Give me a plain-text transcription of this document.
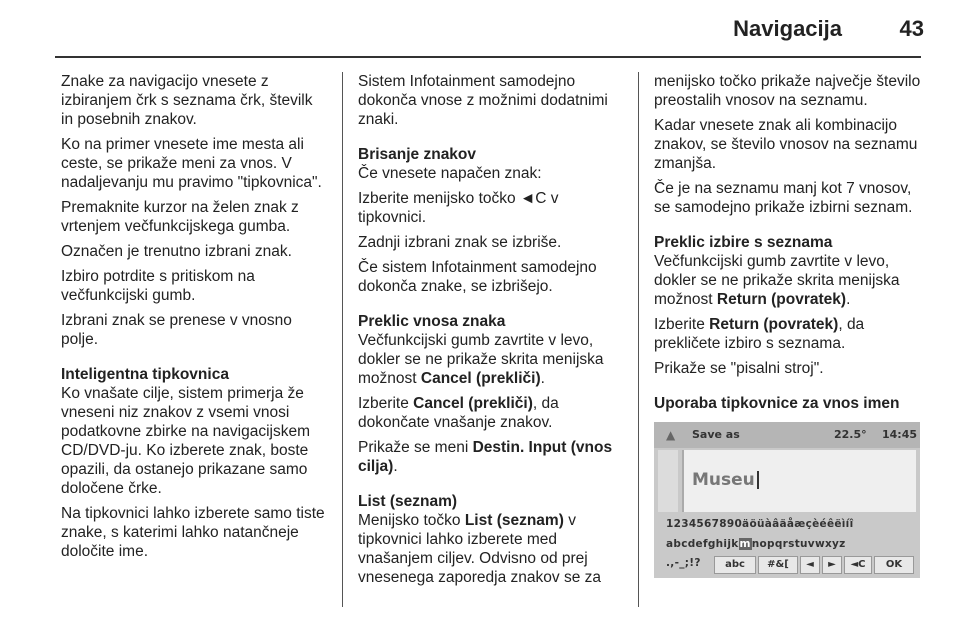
Navigacija	43

Znake za navigacijo vnesete z izbiranjem črk s seznama črk, številk in posebnih znakov.

Ko na primer vnesete ime mesta ali ceste, se prikaže meni za vnos. V nadaljevanju mu pravimo "tipkovnica".

Premaknite kurzor na želen znak z vrtenjem večfunkcijskega gumba.

Označen je trenutno izbrani znak.

Izbiro potrdite s pritiskom na večfunkcijski gumb.

Izbrani znak se prenese v vnosno polje.

Inteligentna tipkovnica

Ko vnašate cilje, sistem primerja že vneseni niz znakov z vsemi vnosi podatkovne zbirke na navigacijskem CD/DVD-ju. Ko izberete znak, boste opazili, da ostanejo prikazane samo določene črke.

Na tipkovnici lahko izberete samo tiste znake, s katerimi lahko natančneje določite ime.

Sistem Infotainment samodejno dokonča vnose z možnimi dodatnimi znaki.

Brisanje znakov

Če vnesete napačen znak:

Izberite menijsko točko ◄C v tipkovnici.

Zadnji izbrani znak se izbriše.

Če sistem Infotainment samodejno dokonča znake, se izbrišejo.

Preklic vnosa znaka

Večfunkcijski gumb zavrtite v levo, dokler se ne prikaže skrita menijska možnost Cancel (prekliči).

Izberite Cancel (prekliči), da dokončate vnašanje znakov.

Prikaže se meni Destin. Input (vnos cilja).

List (seznam)

Menijsko točko List (seznam) v tipkovnici lahko izberete med vnašanjem ciljev. Odvisno od prej vnesenega zaporedja znakov se za

menijsko točko prikaže največje število preostalih vnosov na seznamu.

Kadar vnesete znak ali kombinacijo znakov, se število vnosov na seznamu zmanjša.

Če je na seznamu manj kot 7 vnosov, se samodejno prikaže izbirni seznam.

Preklic izbire s seznama

Večfunkcijski gumb zavrtite v levo, dokler se ne prikaže skrita menijska možnost Return (povratek).

Izberite Return (povratek), da prekličete izbiro s seznama.

Prikaže se "pisalni stroj".

Uporaba tipkovnice za vnos imen

▲ Save as	22.5° 14:45
Museu
1234567890äöüàâäåæçèéêëìíî
abcdefghijkmnopqrstuvwxyz
.,-_;!?	abc	#&[	◄	►	◄C	OK
